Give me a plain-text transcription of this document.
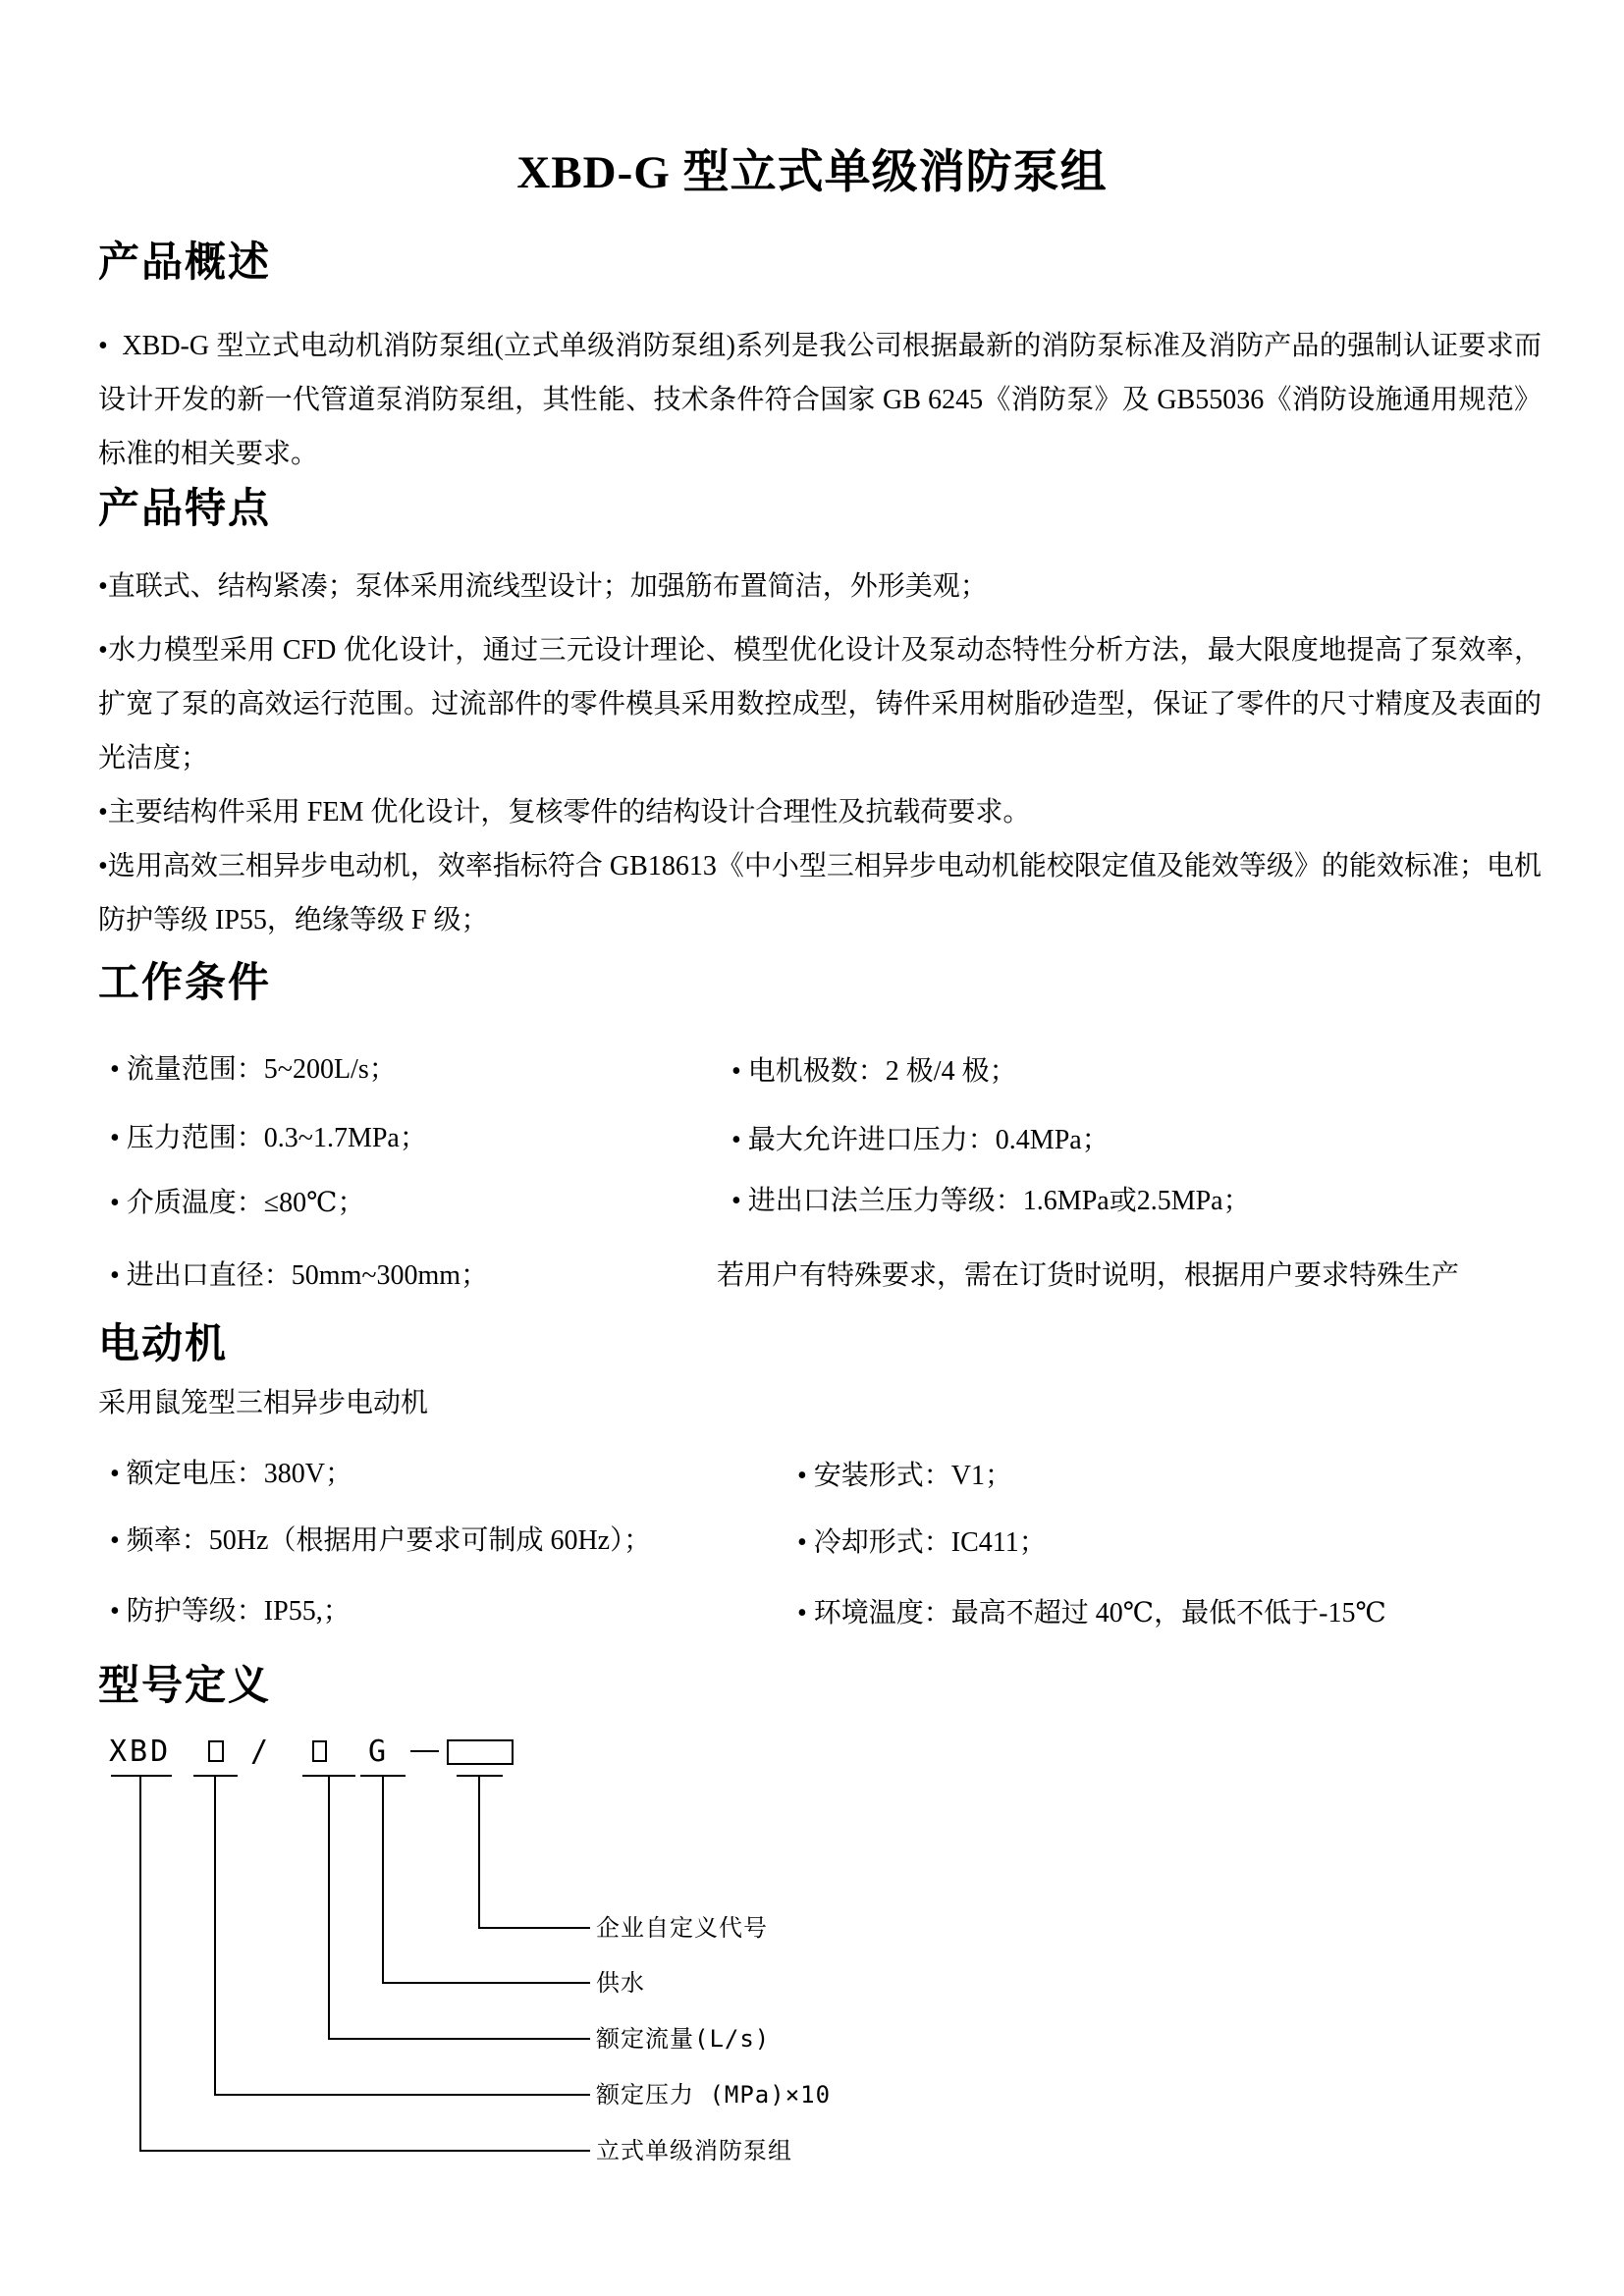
XBD-G 型立式单级消防泵组
产品概述
•  XBD-G 型立式电动机消防泵组(立式单级消防泵组)系列是我公司根据最新的消防泵标准及消防产品的强制认证要求而设计开发的新一代管道泵消防泵组，其性能、技术条件符合国家 GB 6245《消防泵》及 GB55036《消防设施通用规范》标准的相关要求。
产品特点
•直联式、结构紧凑；泵体采用流线型设计；加强筋布置简洁，外形美观；
•水力模型采用 CFD 优化设计，通过三元设计理论、模型优化设计及泵动态特性分析方法，最大限度地提高了泵效率，扩宽了泵的高效运行范围。过流部件的零件模具采用数控成型，铸件采用树脂砂造型，保证了零件的尺寸精度及表面的光洁度；
•主要结构件采用 FEM 优化设计，复核零件的结构设计合理性及抗载荷要求。
•选用高效三相异步电动机，效率指标符合 GB18613《中小型三相异步电动机能校限定值及能效等级》的能效标准；电机防护等级 IP55，绝缘等级 F 级；
工作条件
• 流量范围：5~200L/s；
• 压力范围：0.3~1.7MPa；
• 介质温度：≤80℃；
• 进出口直径：50mm~300mm；
• 电机极数：2 极/4 极；
• 最大允许进口压力：0.4MPa；
• 进出口法兰压力等级：1.6MPa或2.5MPa；
若用户有特殊要求，需在订货时说明，根据用户要求特殊生产
电动机
采用鼠笼型三相异步电动机
• 额定电压：380V；
• 频率：50Hz（根据用户要求可制成 60Hz）；
• 防护等级：IP55,；
• 安装形式：V1；
• 冷却形式：IC411；
• 环境温度：最高不超过 40℃，最低不低于-15℃
型号定义
XBD	/	G
企业自定义代号
供水
额定流量(L/s)
额定压力 (MPa)×10
立式单级消防泵组
